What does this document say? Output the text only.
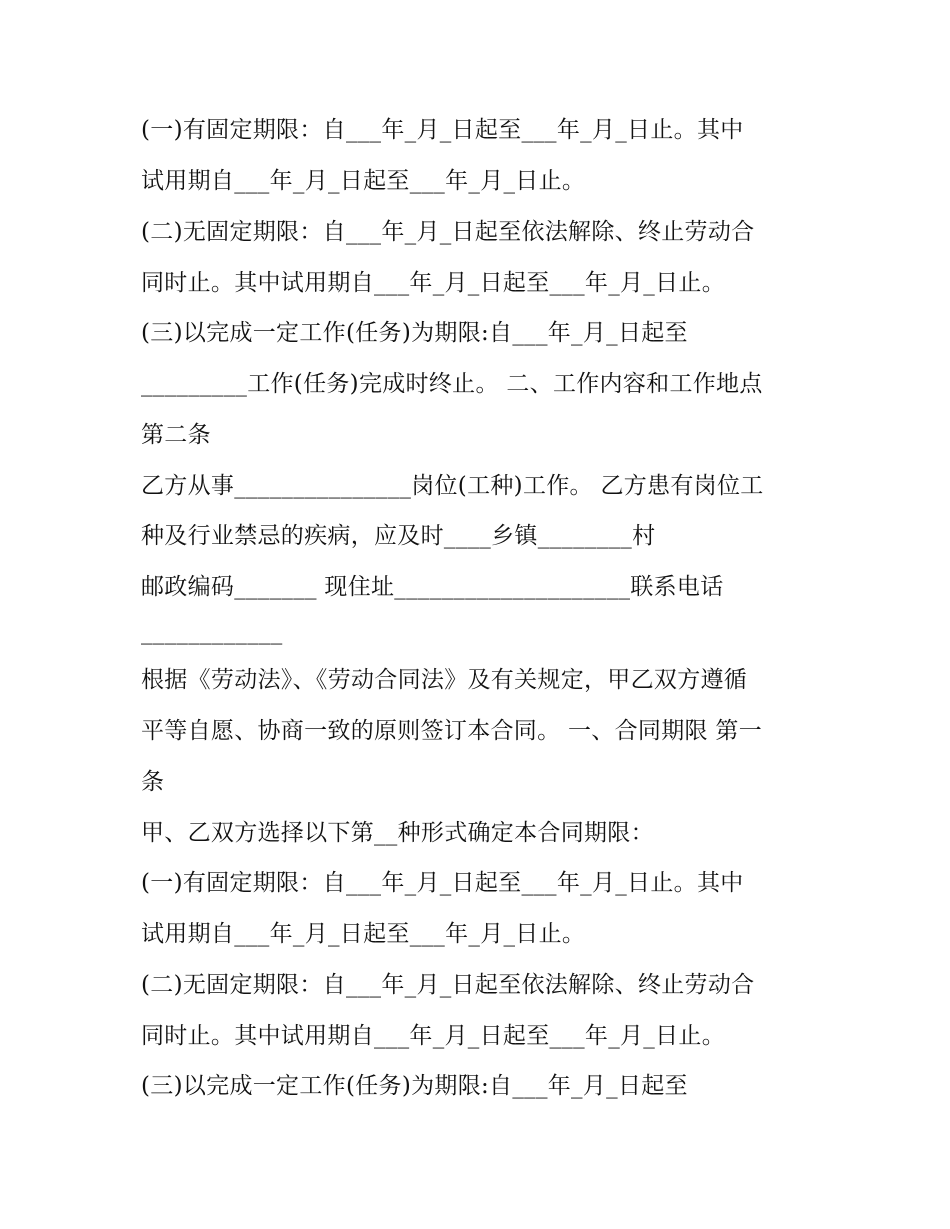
(一)有固定期限：自___年_月_日起至___年_月_日止。其中
试用期自___年_月_日起至___年_月_日止。
(二)无固定期限：自___年_月_日起至依法解除、终止劳动合
同时止。其中试用期自___年_月_日起至___年_月_日止。
(三)以完成一定工作(任务)为期限:自___年_月_日起至
_________工作(任务)完成时终止。 二、工作内容和工作地点
第二条
乙方从事_______________岗位(工种)工作。 乙方患有岗位工
种及行业禁忌的疾病，应及时____乡镇________村
邮政编码_______ 现住址____________________联系电话
____________
根据《劳动法》、《劳动合同法》及有关规定，甲乙双方遵循
平等自愿、协商一致的原则签订本合同。 一、合同期限 第一
条
甲、乙双方选择以下第__种形式确定本合同期限：
(一)有固定期限：自___年_月_日起至___年_月_日止。其中
试用期自___年_月_日起至___年_月_日止。
(二)无固定期限：自___年_月_日起至依法解除、终止劳动合
同时止。其中试用期自___年_月_日起至___年_月_日止。
(三)以完成一定工作(任务)为期限:自___年_月_日起至
